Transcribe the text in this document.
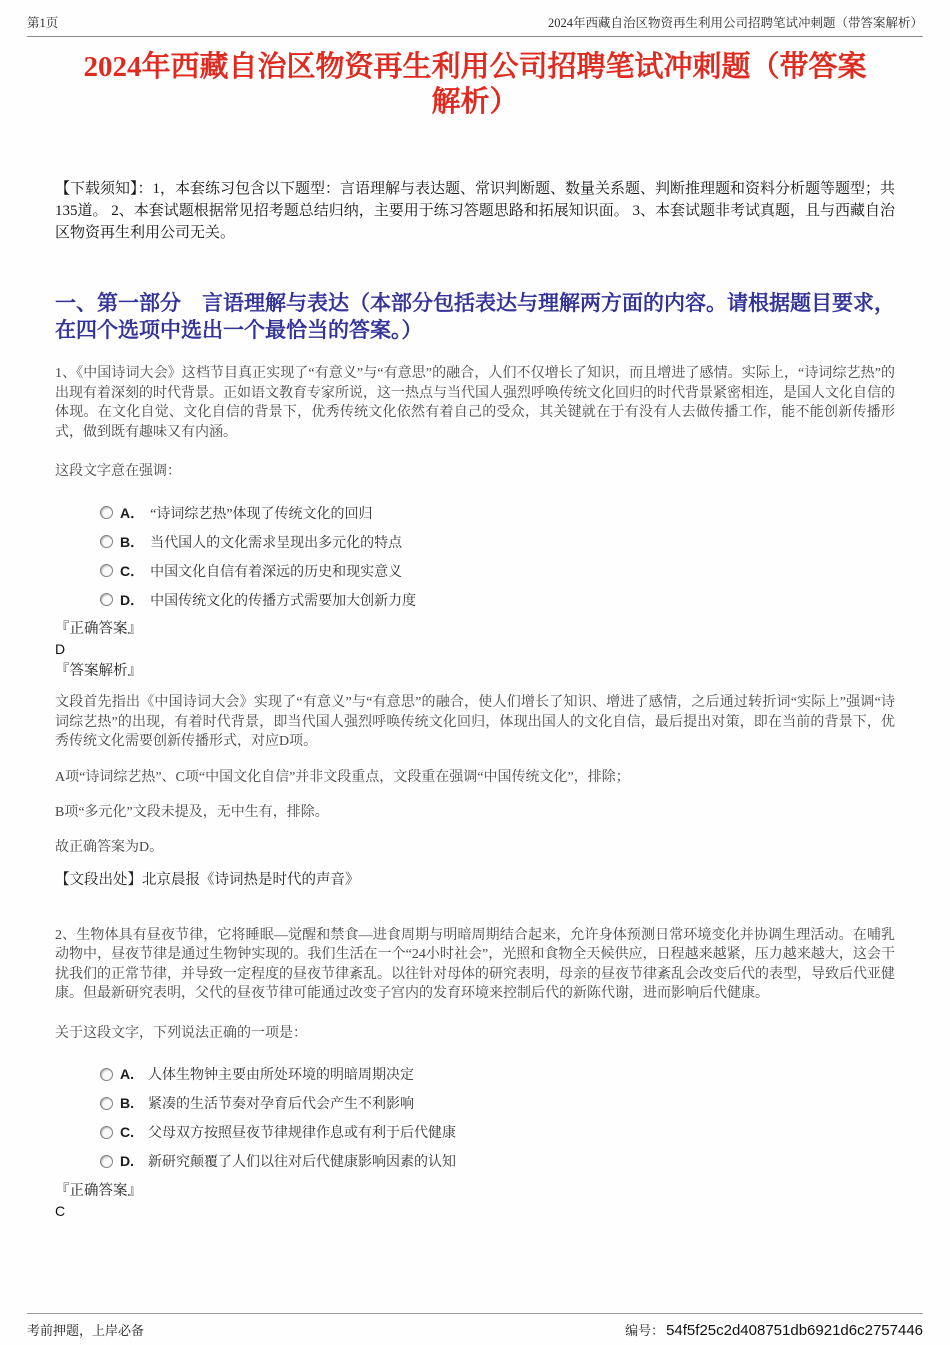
第1页	2024年西藏自治区物资再生利用公司招聘笔试冲刺题（带答案解析）
2024年西藏自治区物资再生利用公司招聘笔试冲刺题（带答案解析）
【下载须知】：1，本套练习包含以下题型：言语理解与表达题、常识判断题、数量关系题、判断推理题和资料分析题等题型；共135道。 2、本套试题根据常见招考题总结归纳，主要用于练习答题思路和拓展知识面。 3、本套试题非考试真题，且与西藏自治区物资再生利用公司无关。
一、第一部分　言语理解与表达（本部分包括表达与理解两方面的内容。请根据题目要求，在四个选项中选出一个最恰当的答案。）
1、《中国诗词大会》这档节目真正实现了“有意义”与“有意思”的融合，人们不仅增长了知识，而且增进了感情。实际上，“诗词综艺热”的出现有着深刻的时代背景。正如语文教育专家所说，这一热点与当代国人强烈呼唤传统文化回归的时代背景紧密相连，是国人文化自信的体现。在文化自觉、文化自信的背景下，优秀传统文化依然有着自己的受众，其关键就在于有没有人去做传播工作，能不能创新传播形式，做到既有趣味又有内涵。
这段文字意在强调：
A． “诗词综艺热”体现了传统文化的回归
B． 当代国人的文化需求呈现出多元化的特点
C． 中国文化自信有着深远的历史和现实意义
D． 中国传统文化的传播方式需要加大创新力度
『正确答案』
D
『答案解析』
文段首先指出《中国诗词大会》实现了“有意义”与“有意思”的融合，使人们增长了知识、增进了感情，之后通过转折词“实际上”强调“诗词综艺热”的出现，有着时代背景，即当代国人强烈呼唤传统文化回归，体现出国人的文化自信，最后提出对策，即在当前的背景下，优秀传统文化需要创新传播形式，对应D项。
A项“诗词综艺热”、C项“中国文化自信”并非文段重点，文段重在强调“中国传统文化”，排除；
B项“多元化”文段未提及，无中生有，排除。
故正确答案为D。
【文段出处】北京晨报《诗词热是时代的声音》
2、生物体具有昼夜节律，它将睡眠—觉醒和禁食—进食周期与明暗周期结合起来，允许身体预测日常环境变化并协调生理活动。在哺乳动物中，昼夜节律是通过生物钟实现的。我们生活在一个“24小时社会”，光照和食物全天候供应，日程越来越紧，压力越来越大，这会干扰我们的正常节律，并导致一定程度的昼夜节律紊乱。以往针对母体的研究表明，母亲的昼夜节律紊乱会改变后代的表型，导致后代亚健康。但最新研究表明，父代的昼夜节律可能通过改变子宫内的发育环境来控制后代的新陈代谢，进而影响后代健康。
关于这段文字，下列说法正确的一项是：
A. 人体生物钟主要由所处环境的明暗周期决定
B. 紧凑的生活节奏对孕育后代会产生不利影响
C. 父母双方按照昼夜节律规律作息或有利于后代健康
D. 新研究颠覆了人们以往对后代健康影响因素的认知
『正确答案』
C
考前押题，上岸必备	编号： 54f5f25c2d408751db6921d6c2757446
